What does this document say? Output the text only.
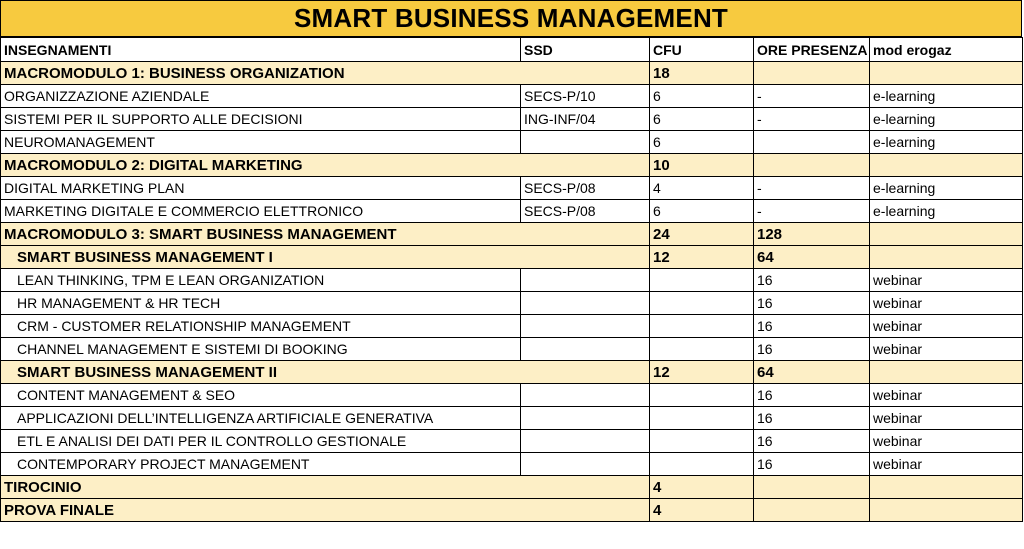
SMART BUSINESS MANAGEMENT
INSEGNAMENTI	SSD	CFU	ORE PRESENZA	mod erogaz
MACROMODULO 1: BUSINESS ORGANIZATION		18		
ORGANIZZAZIONE AZIENDALE	SECS-P/10	6	-	e-learning
SISTEMI PER IL SUPPORTO ALLE DECISIONI	ING-INF/04	6	-	e-learning
NEUROMANAGEMENT		6		e-learning
MACROMODULO 2: DIGITAL MARKETING		10		
DIGITAL MARKETING PLAN	SECS-P/08	4	-	e-learning
MARKETING DIGITALE E COMMERCIO ELETTRONICO	SECS-P/08	6	-	e-learning
MACROMODULO 3: SMART BUSINESS MANAGEMENT		24	128	
SMART BUSINESS MANAGEMENT I		12	64	
LEAN THINKING, TPM E LEAN ORGANIZATION			16	webinar
HR MANAGEMENT & HR TECH			16	webinar
CRM - CUSTOMER RELATIONSHIP MANAGEMENT			16	webinar
CHANNEL MANAGEMENT E SISTEMI DI BOOKING			16	webinar
SMART BUSINESS MANAGEMENT II		12	64	
CONTENT MANAGEMENT & SEO			16	webinar
APPLICAZIONI DELL’INTELLIGENZA ARTIFICIALE GENERATIVA			16	webinar
ETL E ANALISI DEI DATI PER IL CONTROLLO GESTIONALE			16	webinar
CONTEMPORARY PROJECT MANAGEMENT			16	webinar
TIROCINIO		4		
PROVA FINALE		4		
